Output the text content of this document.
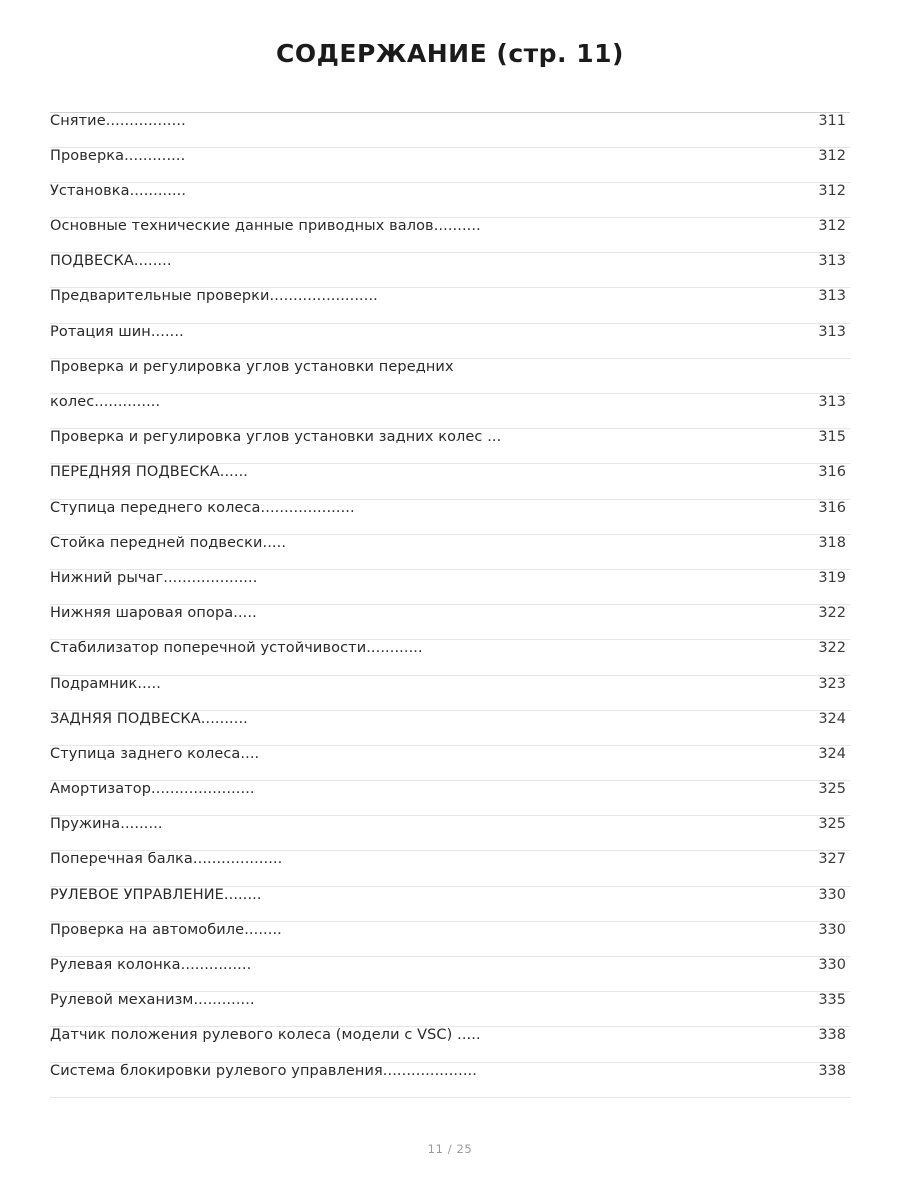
СОДЕРЖАНИЕ (стр. 11)
Снятие.................	311

Проверка.............	312

Установка............	312

Основные технические данные приводных валов..........	312

ПОДВЕСКА........	313

Предварительные проверки.......................	313

Ротация шин.......	313

Проверка и регулировка углов установки передних

колес..............	313

Проверка и регулировка углов установки задних колес ...	315

ПЕРЕДНЯЯ ПОДВЕСКА......	316

Ступица переднего колеса....................	316

Стойка передней подвески.....	318

Нижний рычаг....................	319

Нижняя шаровая опора.....	322

Стабилизатор поперечной устойчивости............	322

Подрамник.....	323

ЗАДНЯЯ ПОДВЕСКА..........	324

Ступица заднего колеса....	324

Амортизатор......................	325

Пружина.........	325

Поперечная балка...................	327

РУЛЕВОЕ УПРАВЛЕНИЕ........	330

Проверка на автомобиле........	330

Рулевая колонка...............	330

Рулевой механизм.............	335

Датчик положения рулевого колеса (модели с VSC) .....	338

Система блокировки рулевого управления....................	338
11 / 25
